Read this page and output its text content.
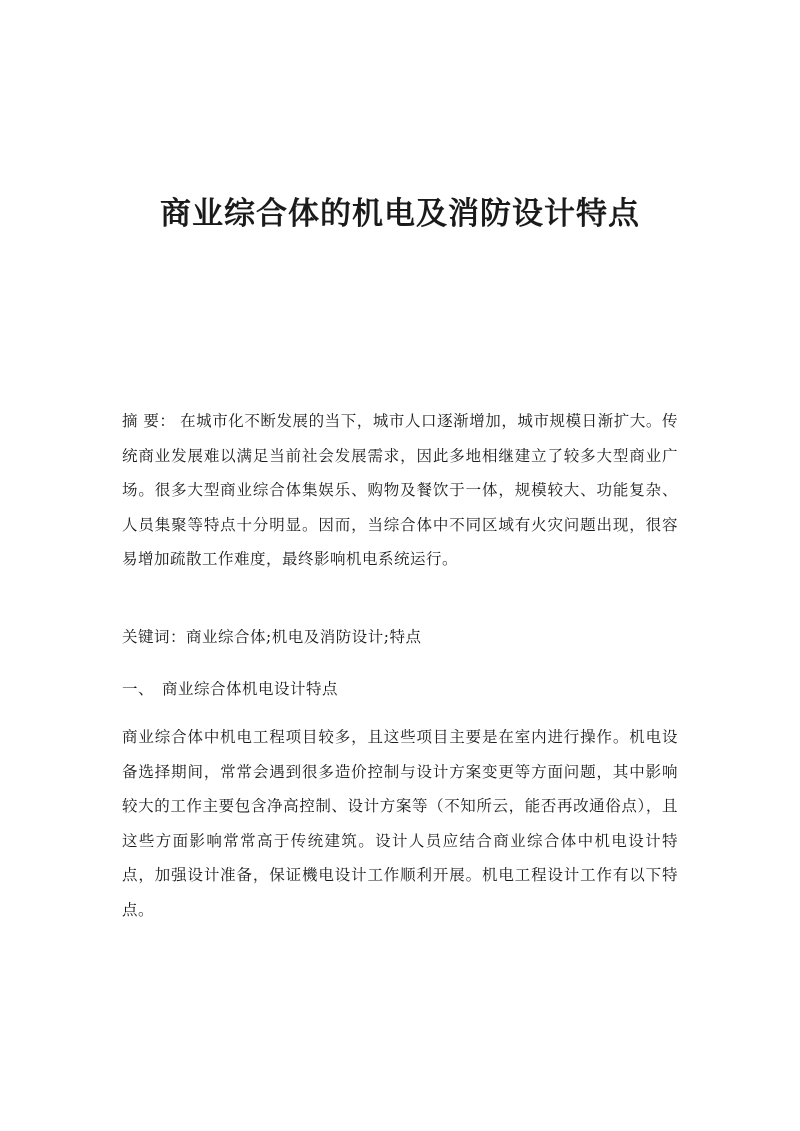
商业综合体的机电及消防设计特点

摘 要： 在城市化不断发展的当下，城市人口逐渐增加，城市规模日渐扩大。传统商业发展难以满足当前社会发展需求，因此多地相继建立了较多大型商业广场。很多大型商业综合体集娱乐、购物及餐饮于一体，规模较大、功能复杂、人员集聚等特点十分明显。因而，当综合体中不同区域有火灾问题出现，很容易增加疏散工作难度，最终影响机电系统运行。

关键词：商业综合体;机电及消防设计;特点

一、 商业综合体机电设计特点

商业综合体中机电工程项目较多，且这些项目主要是在室内进行操作。机电设备选择期间，常常会遇到很多造价控制与设计方案变更等方面问题，其中影响较大的工作主要包含净高控制、设计方案等（不知所云，能否再改通俗点），且这些方面影响常常高于传统建筑。设计人员应结合商业综合体中机电设计特点，加强设计准备，保证機电设计工作顺利开展。机电工程设计工作有以下特点。
